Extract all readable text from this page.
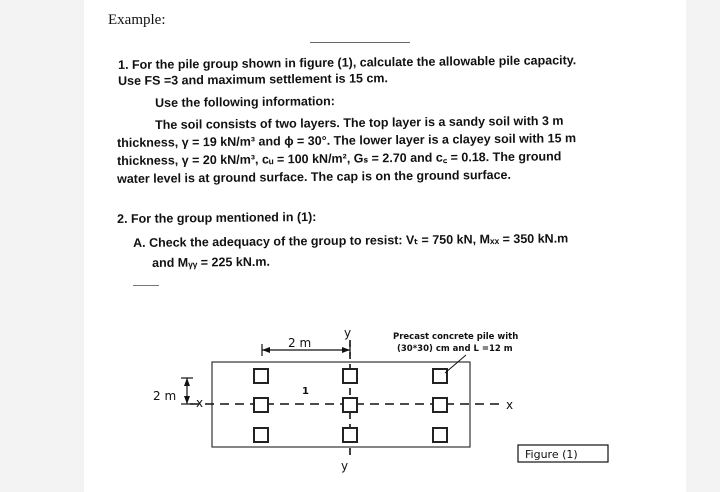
Example:
1. For the pile group shown in figure (1), calculate the allowable pile capacity.
Use FS =3 and maximum settlement is 15 cm.
Use the following information:
The soil consists of two layers. The top layer is a sandy soil with 3 m
thickness, γ = 19 kN/m³ and ϕ = 30°. The lower layer is a clayey soil with 15 m
thickness, γ = 20 kN/m³, cᵤ = 100 kN/m², Gₛ = 2.70 and c꜀ = 0.18. The ground
water level is at ground surface. The cap is on the ground surface.
2. For the group mentioned in (1):
A. Check the adequacy of the group to resist: Vₜ = 750 kN, Mₓₓ = 350 kN.m
and Mᵧᵧ = 225 kN.m.
2 m
2 m
y
y
x	x
1
Precast concrete pile with
(30*30) cm and L =12 m
Figure (1)
